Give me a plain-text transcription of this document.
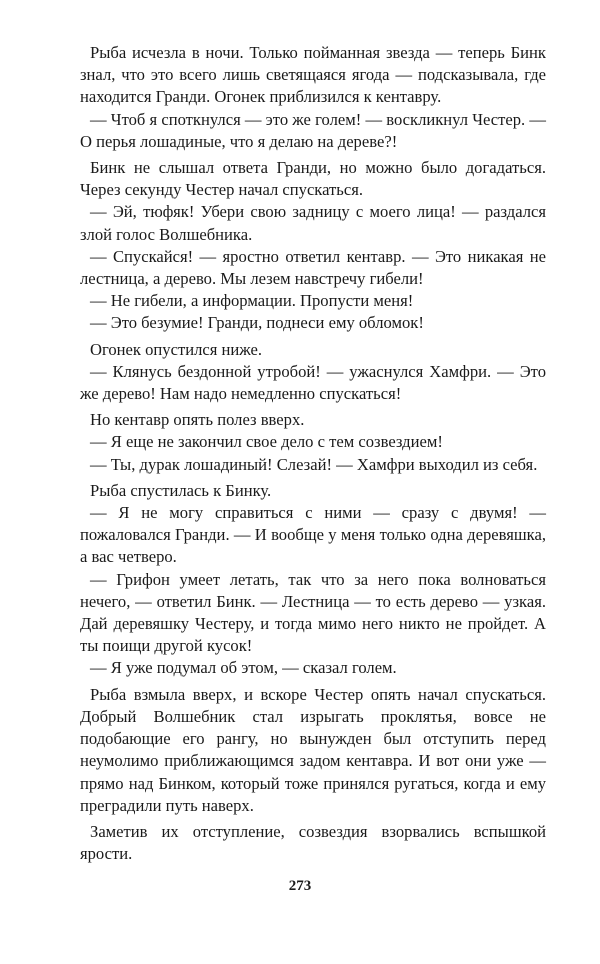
Рыба исчезла в ночи. Только пойманная звезда — теперь Бинк знал, что это всего лишь светящаяся ягода — подсказывала, где находится Гранди. Огонек приблизился к кентавру.

— Чтоб я споткнулся — это же голем! — воскликнул Честер. — О перья лошадиные, что я делаю на дереве?!

Бинк не слышал ответа Гранди, но можно было догадаться. Через секунду Честер начал спускаться.

— Эй, тюфяк! Убери свою задницу с моего лица! — раздался злой голос Волшебника.

— Спускайся! — яростно ответил кентавр. — Это никакая не лестница, а дерево. Мы лезем навстречу гибели!

— Не гибели, а информации. Пропусти меня!

— Это безумие! Гранди, поднеси ему обломок!

Огонек опустился ниже.

— Клянусь бездонной утробой! — ужаснулся Хамфри. — Это же дерево! Нам надо немедленно спускаться!

Но кентавр опять полез вверх.

— Я еще не закончил свое дело с тем созвездием!

— Ты, дурак лошадиный! Слезай! — Хамфри выходил из себя.

Рыба спустилась к Бинку.

— Я не могу справиться с ними — сразу с двумя! — пожаловался Гранди. — И вообще у меня только одна деревяшка, а вас четверо.

— Грифон умеет летать, так что за него пока волноваться нечего, — ответил Бинк. — Лестница — то есть дерево — узкая. Дай деревяшку Честеру, и тогда мимо него никто не пройдет. А ты поищи другой кусок!

— Я уже подумал об этом, — сказал голем.

Рыба взмыла вверх, и вскоре Честер опять начал спускаться. Добрый Волшебник стал изрыгать проклятья, вовсе не подобающие его рангу, но вынужден был отступить перед неумолимо приближающимся задом кентавра. И вот они уже — прямо над Бинком, который тоже принялся ругаться, когда и ему преградили путь наверх.

Заметив их отступление, созвездия взорвались вспышкой ярости.

273
